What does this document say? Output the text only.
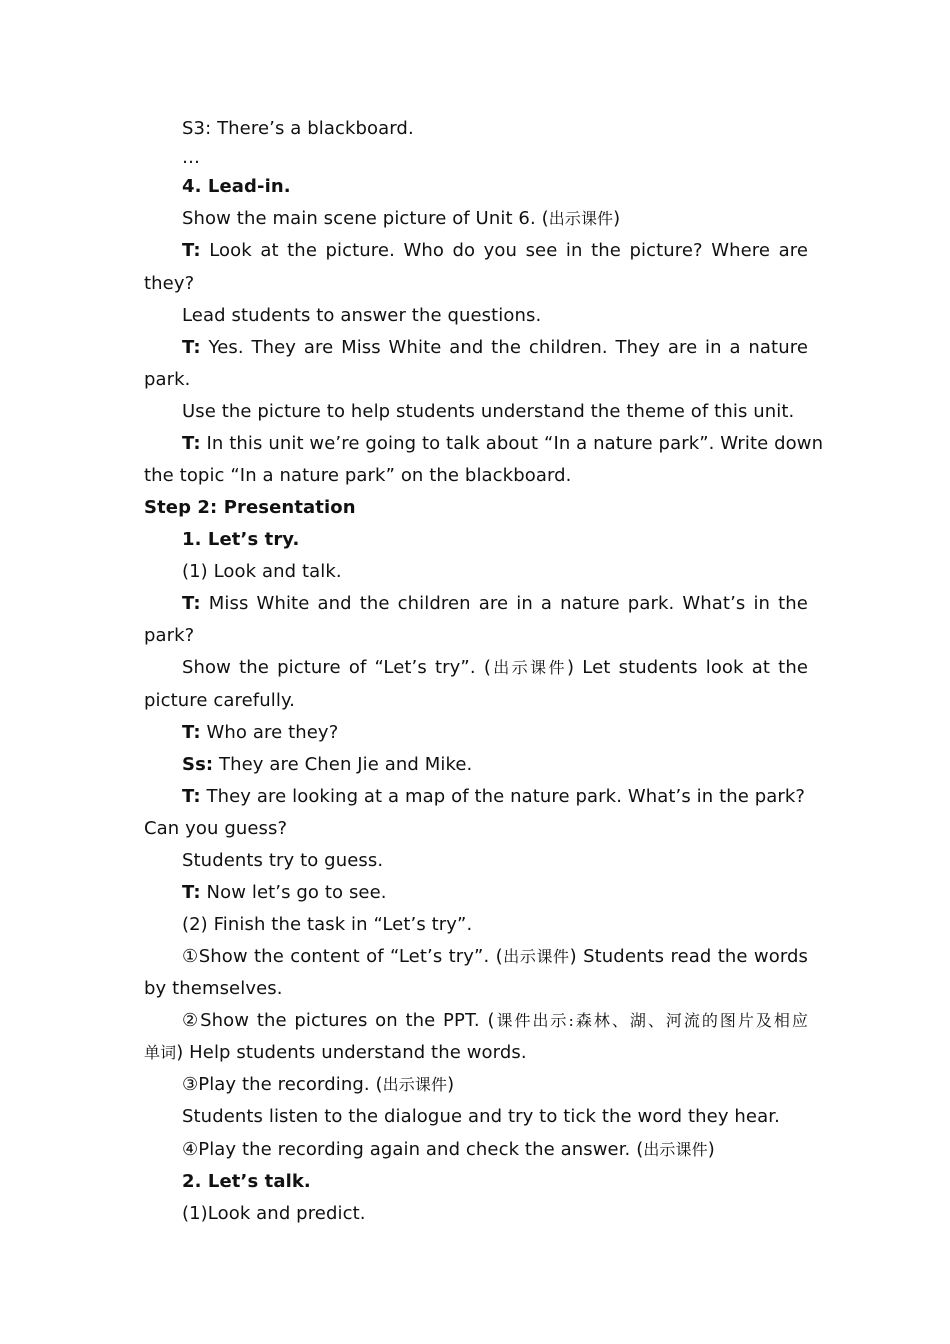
S3: There’s a blackboard.
…
4. Lead-in.
Show the main scene picture of Unit 6. (出示课件)
T: Look at the picture. Who do you see in the picture? Where are
they?
Lead students to answer the questions.
T: Yes. They are Miss White and the children. They are in a nature
park.
Use the picture to help students understand the theme of this unit.
T: In this unit we’re going to talk about “In a nature park”. Write down
the topic “In a nature park” on the blackboard.
Step 2: Presentation
1. Let’s try.
(1) Look and talk.
T: Miss White and the children are in a nature park. What’s in the
park?
Show the picture of “Let’s try”. (出示课件) Let students look at the
picture carefully.
T: Who are they?
Ss: They are Chen Jie and Mike.
T: They are looking at a map of the nature park. What’s in the park?
Can you guess?
Students try to guess.
T: Now let’s go to see.
(2) Finish the task in “Let’s try”.
①Show the content of “Let’s try”. (出示课件) Students read the words
by themselves.
②Show the pictures on the PPT. (课件出示:森林、湖、河流的图片及相应
单词) Help students understand the words.
③Play the recording. (出示课件)
Students listen to the dialogue and try to tick the word they hear.
④Play the recording again and check the answer. (出示课件)
2. Let’s talk.
(1)Look and predict.
